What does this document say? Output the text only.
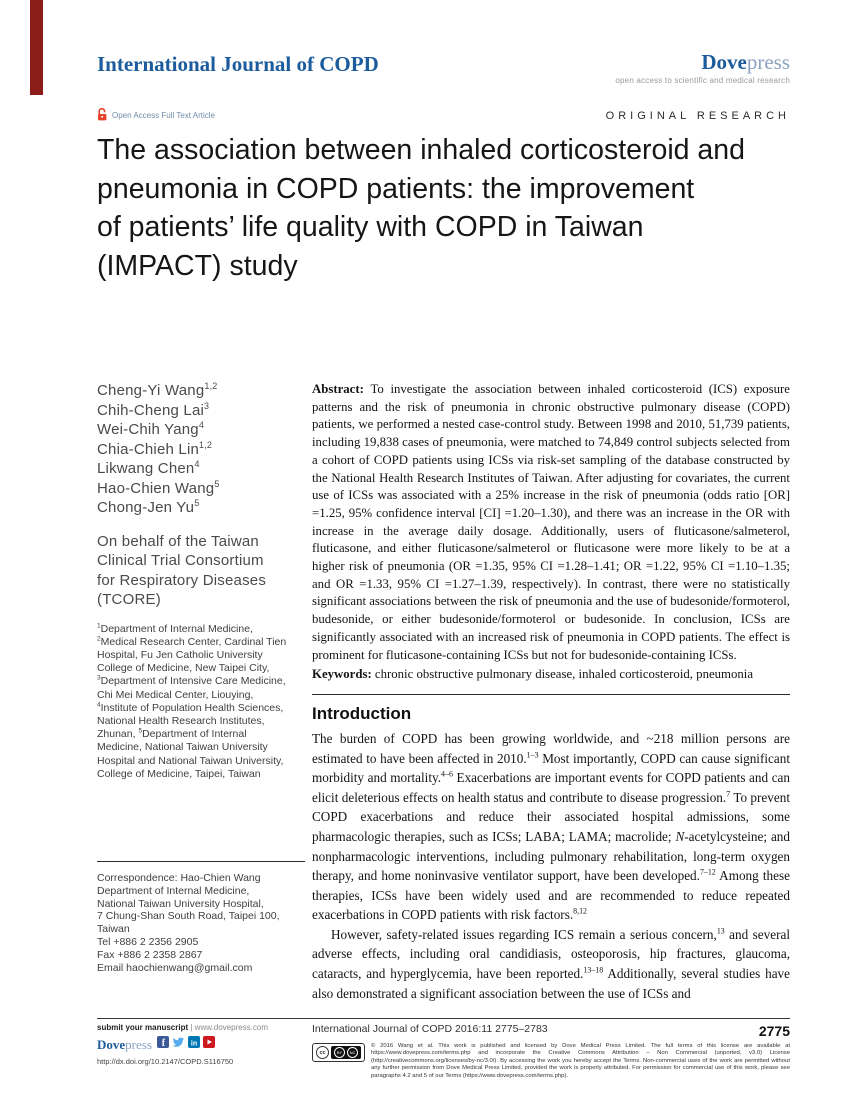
International Journal of COPD	Dovepress
open access to scientific and medical research
Open Access Full Text Article	ORIGINAL RESEARCH
The association between inhaled corticosteroid and
pneumonia in COPD patients: the improvement
of patients’ life quality with COPD in Taiwan
(IMPACT) study
Cheng-Yi Wang$^{1,2}$
Chih-Cheng Lai$^3$
Wei-Chih Yang$^4$
Chia-Chieh Lin$^{1,2}$
Likwang Chen$^4$
Hao-Chien Wang$^5$
Chong-Jen Yu$^5$
On behalf of the Taiwan Clinical Trial Consortium for Respiratory Diseases (TCORE)
$^1$Department of Internal Medicine, $^2$Medical Research Center, Cardinal Tien Hospital, Fu Jen Catholic University College of Medicine, New Taipei City, $^3$Department of Intensive Care Medicine, Chi Mei Medical Center, Liouying, $^4$Institute of Population Health Sciences, National Health Research Institutes, Zhunan, $^5$Department of Internal Medicine, National Taiwan University Hospital and National Taiwan University, College of Medicine, Taipei, Taiwan
Correspondence: Hao-Chien Wang
Department of Internal Medicine,
National Taiwan University Hospital,
7 Chung-Shan South Road, Taipei 100,
Taiwan
Tel +886 2 2356 2905
Fax +886 2 2358 2867
Email haochienwang@gmail.com

Abstract: To investigate the association between inhaled corticosteroid (ICS) exposure patterns and the risk of pneumonia in chronic obstructive pulmonary disease (COPD) patients, we performed a nested case-control study. Between 1998 and 2010, 51,739 patients, including 19,838 cases of pneumonia, were matched to 74,849 control subjects selected from a cohort of COPD patients using ICSs via risk-set sampling of the database constructed by the National Health Research Institutes of Taiwan. After adjusting for covariates, the current use of ICSs was associated with a 25% increase in the risk of pneumonia (odds ratio [OR] =1.25, 95% confidence interval [CI] =1.20–1.30), and there was an increase in the OR with increase in the average daily dosage. Additionally, users of fluticasone/salmeterol, fluticasone, and either fluticasone/salmeterol or fluticasone were more likely to be at a higher risk of pneumonia (OR =1.35, 95% CI =1.28–1.41; OR =1.22, 95% CI =1.10–1.35; and OR =1.33, 95% CI =1.27–1.39, respectively). In contrast, there were no statistically significant associations between the risk of pneumonia and the use of budesonide/formoterol, budesonide, or either budesonide/formoterol or budesonide. In conclusion, ICSs are significantly associated with an increased risk of pneumonia in COPD patients. The effect is prominent for fluticasone-containing ICSs but not for budesonide-containing ICSs.

Keywords: chronic obstructive pulmonary disease, inhaled corticosteroid, pneumonia
Introduction

The burden of COPD has been growing worldwide, and ~218 million persons are estimated to have been affected in 2010.$^{1-3}$ Most importantly, COPD can cause significant morbidity and mortality.$^{4-6}$ Exacerbations are important events for COPD patients and can elicit deleterious effects on health status and contribute to disease progression.$^7$ To prevent COPD exacerbations and reduce their associated hospital admissions, some pharmacologic therapies, such as ICSs; LABA; LAMA; macrolide; N-acetylcysteine; and nonpharmacologic interventions, including pulmonary rehabilitation, long-term oxygen therapy, and home noninvasive ventilator support, have been developed.$^{7-12}$ Among these therapies, ICSs have been widely used and are recommended to reduce repeated exacerbations in COPD patients with risk factors.$^{8,12}$

However, safety-related issues regarding ICS remain a serious concern,$^{13}$ and several adverse effects, including oral candidiasis, osteoporosis, hip fractures, glaucoma, cataracts, and hyperglycemia, have been reported.$^{13-18}$ Additionally, several studies have also demonstrated a significant association between the use of ICSs and

submit your manuscript | www.dovepress.com
Dovepress f	in
http://dx.doi.org/10.2147/COPD.S116750
International Journal of COPD 2016:11 2775–2783	2775
cc	BY	NC
© 2016 Wang et al. This work is published and licensed by Dove Medical Press Limited. The full terms of this license are available at https://www.dovepress.com/terms.php and incorporate the Creative Commons Attribution – Non Commercial (unported, v3.0) License (http://creativecommons.org/licenses/by-nc/3.0/). By accessing the work you hereby accept the Terms. Non-commercial uses of the work are permitted without any further permission from Dove Medical Press Limited, provided the work is properly attributed. For permission for commercial use of this work, please see paragraphs 4.2 and 5 of our Terms (https://www.dovepress.com/terms.php).
